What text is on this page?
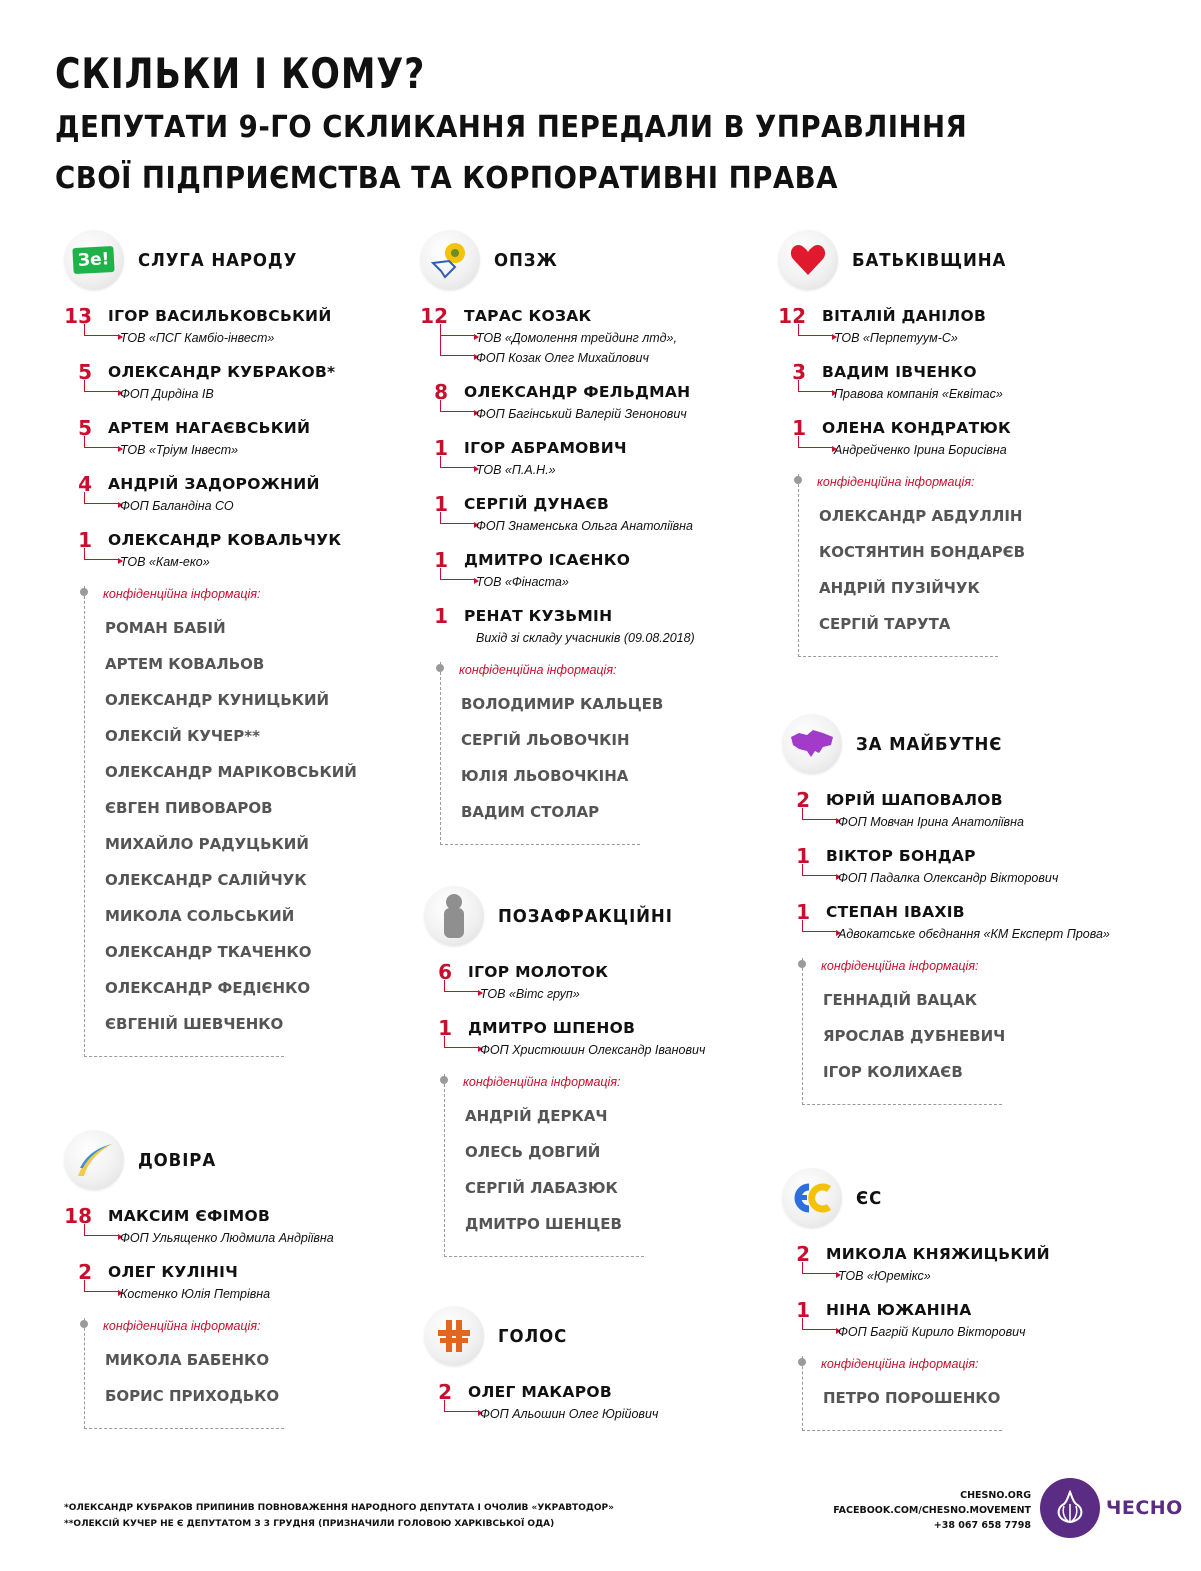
СКІЛЬКИ І КОМУ?
ДЕПУТАТИ 9-ГО СКЛИКАННЯ ПЕРЕДАЛИ В УПРАВЛІННЯ
СВОЇ ПІДПРИЄМСТВА ТА КОРПОРАТИВНІ ПРАВА
Зе! СЛУГА НАРОДУ
13 ІГОР ВАСИЛЬКОВСЬКИЙ
ТОВ «ПСГ Камбіо-інвест»
5 ОЛЕКСАНДР КУБРАКОВ*
ФОП Дирдіна ІВ
5 АРТЕМ НАГАЄВСЬКИЙ
ТОВ «Тріум Інвест»
4 АНДРІЙ ЗАДОРОЖНИЙ
ФОП Баландіна СО
1 ОЛЕКСАНДР КОВАЛЬЧУК
ТОВ «Кам-еко»
конфіденційна інформація:
РОМАН БАБІЙ
АРТЕМ КОВАЛЬОВ
ОЛЕКСАНДР КУНИЦЬКИЙ
ОЛЕКСІЙ КУЧЕР**
ОЛЕКСАНДР МАРІКОВСЬКИЙ
ЄВГЕН ПИВОВАРОВ
МИХАЙЛО РАДУЦЬКИЙ
ОЛЕКСАНДР САЛІЙЧУК
МИКОЛА СОЛЬСЬКИЙ
ОЛЕКСАНДР ТКАЧЕНКО
ОЛЕКСАНДР ФЕДІЄНКО
ЄВГЕНІЙ ШЕВЧЕНКО
ДОВІРА
18 МАКСИМ ЄФІМОВ
ФОП Ульященко Людмила Андріївна
2 ОЛЕГ КУЛІНІЧ
Костенко Юлія Петрівна
конфіденційна інформація:
МИКОЛА БАБЕНКО
БОРИС ПРИХОДЬКО
ОПЗЖ
12 ТАРАС КОЗАК
ТОВ «Домолення трейдинг лтд»,
ФОП Козак Олег Михайлович
8 ОЛЕКСАНДР ФЕЛЬДМАН
ФОП Багінський Валерій Зенонович
1 ІГОР АБРАМОВИЧ
ТОВ «П.А.Н.»
1 СЕРГІЙ ДУНАЄВ
ФОП Знаменська Ольга Анатоліївна
1 ДМИТРО ІСАЄНКО
ТОВ «Фінаста»
1 РЕНАТ КУЗЬМІН
Вихід зі складу учасників (09.08.2018)
конфіденційна інформація:
ВОЛОДИМИР КАЛЬЦЕВ
СЕРГІЙ ЛЬОВОЧКІН
ЮЛІЯ ЛЬОВОЧКІНА
ВАДИМ СТОЛАР
ПОЗАФРАКЦІЙНІ
6 ІГОР МОЛОТОК
ТОВ «Вітс груп»
1 ДМИТРО ШПЕНОВ
ФОП Христюшин Олександр Іванович
конфіденційна інформація:
АНДРІЙ ДЕРКАЧ
ОЛЕСЬ ДОВГИЙ
СЕРГІЙ ЛАБАЗЮК
ДМИТРО ШЕНЦЕВ
ГОЛОС
2 ОЛЕГ МАКАРОВ
ФОП Альошин Олег Юрійович
БАТЬКІВЩИНА
12 ВІТАЛІЙ ДАНІЛОВ
ТОВ «Перпетуум-С»
3 ВАДИМ ІВЧЕНКО
Правова компанія «Еквітас»
1 ОЛЕНА КОНДРАТЮК
Андрейченко Ірина Борисівна
конфіденційна інформація:
ОЛЕКСАНДР АБДУЛЛІН
КОСТЯНТИН БОНДАРЄВ
АНДРІЙ ПУЗІЙЧУК
СЕРГІЙ ТАРУТА
ЗА МАЙБУТНЄ
2 ЮРІЙ ШАПОВАЛОВ
ФОП Мовчан Ірина Анатоліївна
1 ВІКТОР БОНДАР
ФОП Падалка Олександр Вікторович
1 СТЕПАН ІВАХІВ
Адвокатське обєднання «КМ Експерт Прова»
конфіденційна інформація:
ГЕННАДІЙ ВАЦАК
ЯРОСЛАВ ДУБНЕВИЧ
ІГОР КОЛИХАЄВ
ЄС
2 МИКОЛА КНЯЖИЦЬКИЙ
ТОВ «Юремікс»
1 НІНА ЮЖАНІНА
ФОП Багрій Кирило Вікторович
конфіденційна інформація:
ПЕТРО ПОРОШЕНКО
*ОЛЕКСАНДР КУБРАКОВ ПРИПИНИВ ПОВНОВАЖЕННЯ НАРОДНОГО ДЕПУТАТА І ОЧОЛИВ «УКРАВТОДОР»
**ОЛЕКСІЙ КУЧЕР НЕ Є ДЕПУТАТОМ З 3 ГРУДНЯ (ПРИЗНАЧИЛИ ГОЛОВОЮ ХАРКІВСЬКОЇ ОДА)
CHESNO.ORG
FACEBOOK.COM/CHESNO.MOVEMENT
+38 067 658 7798
ЧЕСНО
